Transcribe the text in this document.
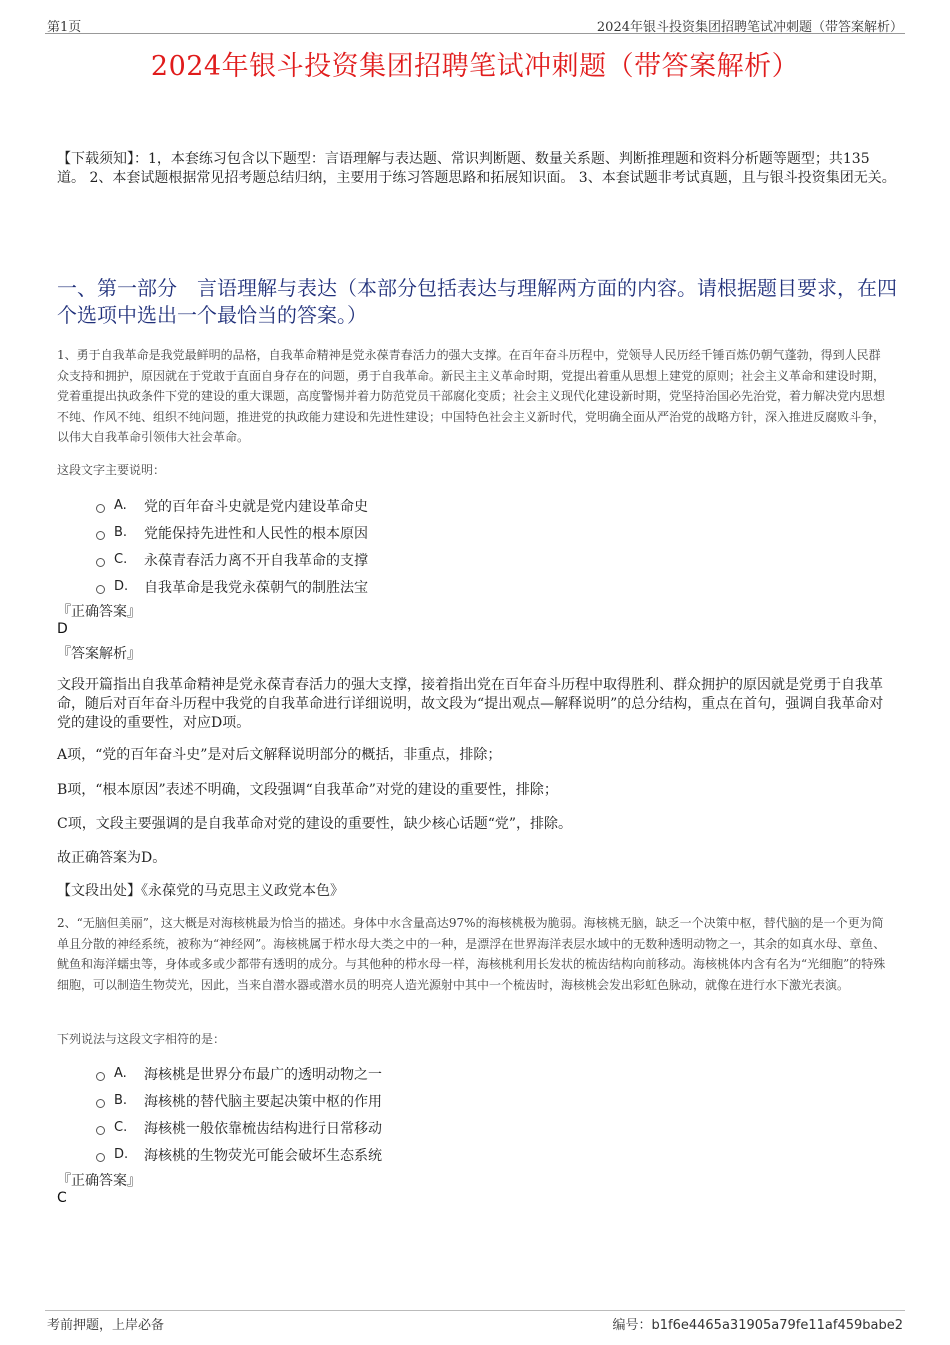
第1页	2024年银斗投资集团招聘笔试冲刺题（带答案解析）
2024年银斗投资集团招聘笔试冲刺题（带答案解析）
【下载须知】：1，本套练习包含以下题型：言语理解与表达题、常识判断题、数量关系题、判断推理题和资料分析题等题型；共135道。 2、本套试题根据常见招考题总结归纳，主要用于练习答题思路和拓展知识面。 3、本套试题非考试真题，且与银斗投资集团无关。
一、第一部分　言语理解与表达（本部分包括表达与理解两方面的内容。请根据题目要求，在四个选项中选出一个最恰当的答案。）
1、勇于自我革命是我党最鲜明的品格，自我革命精神是党永葆青春活力的强大支撑。在百年奋斗历程中，党领导人民历经千锤百炼仍朝气蓬勃，得到人民群众支持和拥护，原因就在于党敢于直面自身存在的问题，勇于自我革命。新民主主义革命时期，党提出着重从思想上建党的原则；社会主义革命和建设时期，党着重提出执政条件下党的建设的重大课题，高度警惕并着力防范党员干部腐化变质；社会主义现代化建设新时期，党坚持治国必先治党，着力解决党内思想不纯、作风不纯、组织不纯问题，推进党的执政能力建设和先进性建设；中国特色社会主义新时代，党明确全面从严治党的战略方针，深入推进反腐败斗争，以伟大自我革命引领伟大社会革命。
这段文字主要说明：
A.	党的百年奋斗史就是党内建设革命史
B.	党能保持先进性和人民性的根本原因
C.	永葆青春活力离不开自我革命的支撑
D.	自我革命是我党永葆朝气的制胜法宝
『正确答案』
D
『答案解析』
文段开篇指出自我革命精神是党永葆青春活力的强大支撑，接着指出党在百年奋斗历程中取得胜利、群众拥护的原因就是党勇于自我革命，随后对百年奋斗历程中我党的自我革命进行详细说明，故文段为“提出观点—解释说明”的总分结构，重点在首句，强调自我革命对党的建设的重要性，对应D项。
A项，“党的百年奋斗史”是对后文解释说明部分的概括，非重点，排除；
B项，“根本原因”表述不明确，文段强调“自我革命”对党的建设的重要性，排除；
C项，文段主要强调的是自我革命对党的建设的重要性，缺少核心话题“党”，排除。
故正确答案为D。
【文段出处】《永葆党的马克思主义政党本色》
2、“无脑但美丽”，这大概是对海核桃最为恰当的描述。身体中水含量高达97%的海核桃极为脆弱。海核桃无脑，缺乏一个决策中枢，替代脑的是一个更为简单且分散的神经系统，被称为“神经网”。海核桃属于栉水母大类之中的一种，是漂浮在世界海洋表层水域中的无数种透明动物之一，其余的如真水母、章鱼、鱿鱼和海洋蠕虫等，身体或多或少都带有透明的成分。与其他种的栉水母一样，海核桃利用长发状的梳齿结构向前移动。海核桃体内含有名为“光细胞”的特殊细胞，可以制造生物荧光，因此，当来自潜水器或潜水员的明亮人造光源射中其中一个梳齿时，海核桃会发出彩虹色脉动，就像在进行水下激光表演。
下列说法与这段文字相符的是：
A.	海核桃是世界分布最广的透明动物之一
B.	海核桃的替代脑主要起决策中枢的作用
C.	海核桃一般依靠梳齿结构进行日常移动
D.	海核桃的生物荧光可能会破坏生态系统
『正确答案』
C
考前押题，上岸必备	编号：b1f6e4465a31905a79fe11af459babe2
